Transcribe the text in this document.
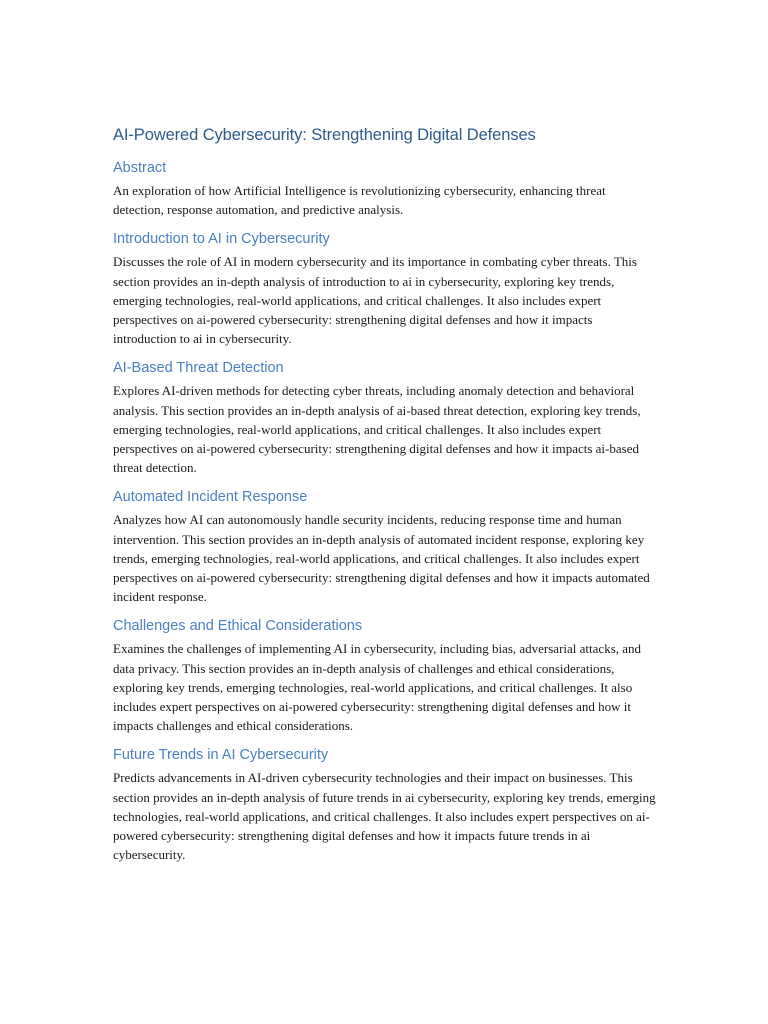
AI-Powered Cybersecurity: Strengthening Digital Defenses
Abstract

An exploration of how Artificial Intelligence is revolutionizing cybersecurity, enhancing threat detection, response automation, and predictive analysis.

Introduction to AI in Cybersecurity

Discusses the role of AI in modern cybersecurity and its importance in combating cyber threats. This section provides an in-depth analysis of introduction to ai in cybersecurity, exploring key trends, emerging technologies, real-world applications, and critical challenges. It also includes expert perspectives on ai-powered cybersecurity: strengthening digital defenses and how it impacts introduction to ai in cybersecurity.

AI-Based Threat Detection

Explores AI-driven methods for detecting cyber threats, including anomaly detection and behavioral analysis. This section provides an in-depth analysis of ai-based threat detection, exploring key trends, emerging technologies, real-world applications, and critical challenges. It also includes expert perspectives on ai-powered cybersecurity: strengthening digital defenses and how it impacts ai-based threat detection.

Automated Incident Response

Analyzes how AI can autonomously handle security incidents, reducing response time and human intervention. This section provides an in-depth analysis of automated incident response, exploring key trends, emerging technologies, real-world applications, and critical challenges. It also includes expert perspectives on ai-powered cybersecurity: strengthening digital defenses and how it impacts automated incident response.

Challenges and Ethical Considerations

Examines the challenges of implementing AI in cybersecurity, including bias, adversarial attacks, and data privacy. This section provides an in-depth analysis of challenges and ethical considerations, exploring key trends, emerging technologies, real-world applications, and critical challenges. It also includes expert perspectives on ai-powered cybersecurity: strengthening digital defenses and how it impacts challenges and ethical considerations.

Future Trends in AI Cybersecurity

Predicts advancements in AI-driven cybersecurity technologies and their impact on businesses. This section provides an in-depth analysis of future trends in ai cybersecurity, exploring key trends, emerging technologies, real-world applications, and critical challenges. It also includes expert perspectives on ai-powered cybersecurity: strengthening digital defenses and how it impacts future trends in ai cybersecurity.
